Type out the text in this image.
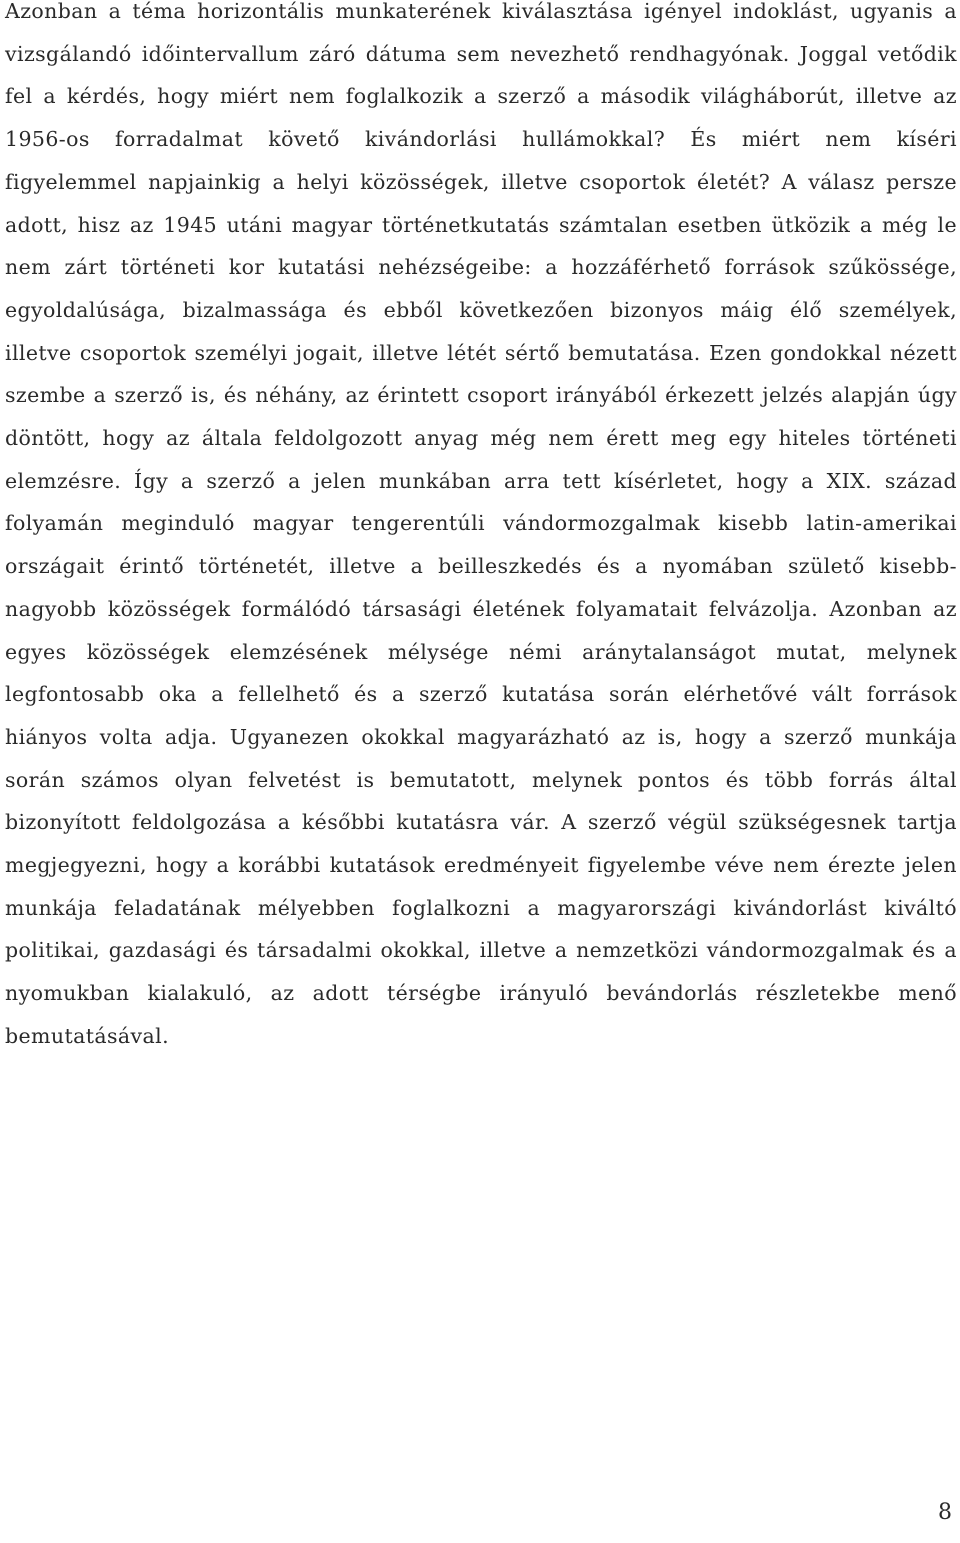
Azonban a téma horizontális munkaterének kiválasztása igényel indoklást, ugyanis a vizsgálandó időintervallum záró dátuma sem nevezhető rendhagyónak. Joggal vetődik fel a kérdés, hogy miért nem foglalkozik a szerző a második világháborút, illetve az 1956-os forradalmat követő kivándorlási hullámokkal? És miért nem kíséri figyelemmel napjainkig a helyi közösségek, illetve csoportok életét? A válasz persze adott, hisz az 1945 utáni magyar történetkutatás számtalan esetben ütközik a még le nem zárt történeti kor kutatási nehézségeibe: a hozzáférhető források szűkössége, egyoldalúsága, bizalmassága és ebből következően bizonyos máig élő személyek, illetve csoportok személyi jogait, illetve létét sértő bemutatása. Ezen gondokkal nézett szembe a szerző is, és néhány, az érintett csoport irányából érkezett jelzés alapján úgy döntött, hogy az általa feldolgozott anyag még nem érett meg egy hiteles történeti elemzésre. Így a szerző a jelen munkában arra tett kísérletet, hogy a XIX. század folyamán meginduló magyar tengerentúli vándormozgalmak kisebb latin-amerikai országait érintő történetét, illetve a beilleszkedés és a nyomában születő kisebb-nagyobb közösségek formálódó társasági életének folyamatait felvázolja. Azonban az egyes közösségek elemzésének mélysége némi aránytalanságot mutat, melynek legfontosabb oka a fellelhető és a szerző kutatása során elérhetővé vált források hiányos volta adja. Ugyanezen okokkal magyarázható az is, hogy a szerző munkája során számos olyan felvetést is bemutatott, melynek pontos és több forrás által bizonyított feldolgozása a későbbi kutatásra vár. A szerző végül szükségesnek tartja megjegyezni, hogy a korábbi kutatások eredményeit figyelembe véve nem érezte jelen munkája feladatának mélyebben foglalkozni a magyarországi kivándorlást kiváltó politikai, gazdasági és társadalmi okokkal, illetve a nemzetközi vándormozgalmak és a nyomukban kialakuló, az adott térségbe irányuló bevándorlás részletekbe menő bemutatásával.

8
